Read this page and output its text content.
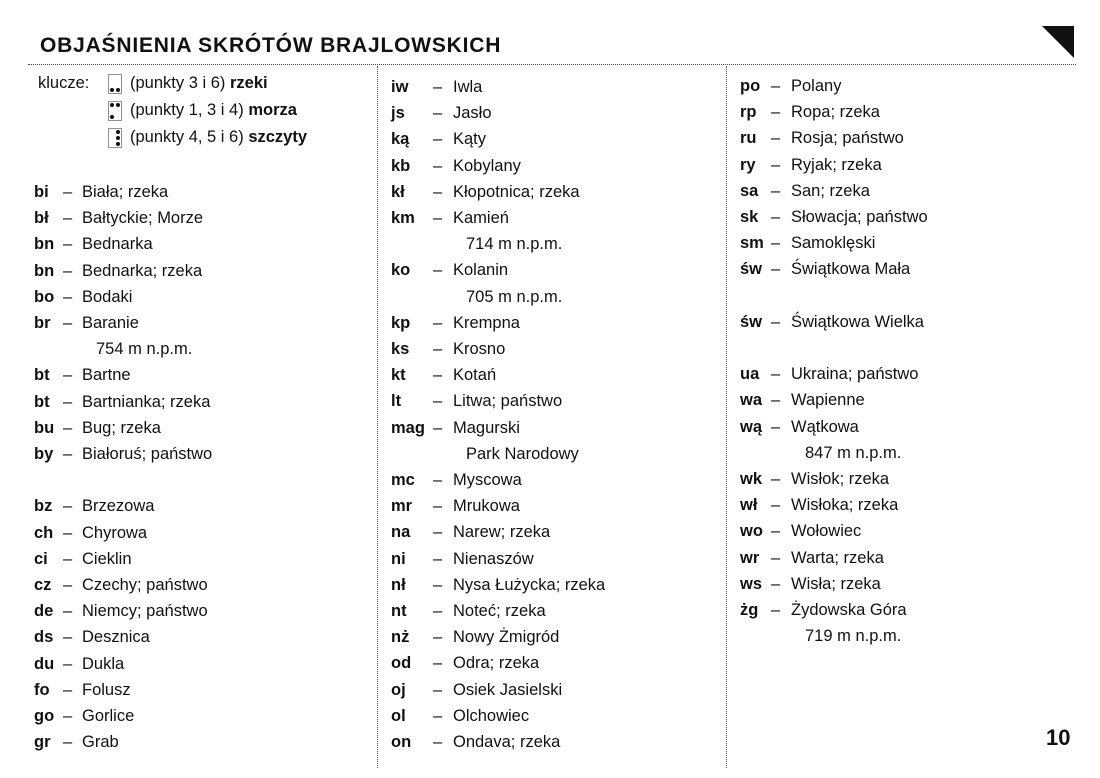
OBJAŚNIENIA SKRÓTÓW BRAJLOWSKICH
klucze: (punkty 3 i 6) rzeki
(punkty 1, 3 i 4) morza
(punkty 4, 5 i 6) szczyty
bi – Biała; rzeka
bł – Bałtyckie; Morze
bn – Bednarka
bn – Bednarka; rzeka
bo – Bodaki
br – Baranie
754 m n.p.m.
bt – Bartne
bt – Bartnianka; rzeka
bu – Bug; rzeka
by – Białoruś; państwo
bz – Brzezowa
ch – Chyrowa
ci – Cieklin
cz – Czechy; państwo
de – Niemcy; państwo
ds – Desznica
du – Dukla
fo – Folusz
go – Gorlice
gr – Grab
iw – Iwla
js – Jasło
ką – Kąty
kb – Kobylany
kł – Kłopotnica; rzeka
km – Kamień
714 m n.p.m.
ko – Kolanin
705 m n.p.m.
kp – Krempna
ks – Krosno
kt – Kotań
lt – Litwa; państwo
mag – Magurski
Park Narodowy
mc – Myscowa
mr – Mrukowa
na – Narew; rzeka
ni – Nienaszów
nł – Nysa Łużycka; rzeka
nt – Noteć; rzeka
nż – Nowy Żmigród
od – Odra; rzeka
oj – Osiek Jasielski
ol – Olchowiec
on – Ondava; rzeka
po – Polany
rp – Ropa; rzeka
ru – Rosja; państwo
ry – Ryjak; rzeka
sa – San; rzeka
sk – Słowacja; państwo
sm – Samoklęski
św – Świątkowa Mała
św – Świątkowa Wielka
ua – Ukraina; państwo
wa – Wapienne
wą – Wątkowa
847 m n.p.m.
wk – Wisłok; rzeka
wł – Wisłoka; rzeka
wo – Wołowiec
wr – Warta; rzeka
ws – Wisła; rzeka
żg – Żydowska Góra
719 m n.p.m.
10
